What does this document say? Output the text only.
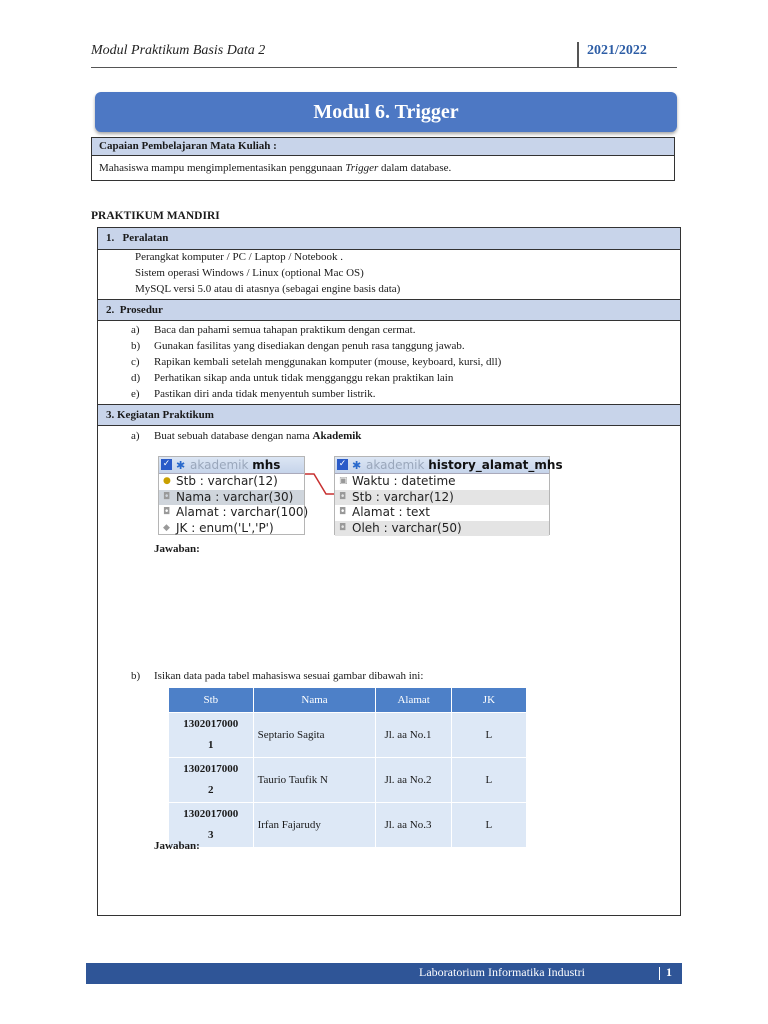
Modul Praktikum Basis Data 2	2021/2022
Modul 6. Trigger
Capaian Pembelajaran Mata Kuliah :
Mahasiswa mampu mengimplementasikan penggunaan Trigger dalam database.
PRAKTIKUM MANDIRI
1. Peralatan
Perangkat komputer / PC / Laptop / Notebook .
Sistem operasi Windows / Linux (optional Mac OS)
MySQL versi 5.0 atau di atasnya (sebagai engine basis data)
2. Prosedur
a) Baca dan pahami semua tahapan praktikum dengan cermat.
b) Gunakan fasilitas yang disediakan dengan penuh rasa tanggung jawab.
c) Rapikan kembali setelah menggunakan komputer (mouse, keyboard, kursi, dll)
d) Perhatikan sikap anda untuk tidak mengganggu rekan praktikan lain
e) Pastikan diri anda tidak menyentuh sumber listrik.
3. Kegiatan Praktikum
a) Buat sebuah database dengan nama Akademik
✓ ✱ akademik mhs
● Stb : varchar(12)
◘ Nama : varchar(30)
◘ Alamat : varchar(100)
◆ JK : enum('L','P')
✓ ✱ akademik history_alamat_mhs
▣ Waktu : datetime
◘ Stb : varchar(12)
◘ Alamat : text
◘ Oleh : varchar(50)
Jawaban:
b) Isikan data pada tabel mahasiswa sesuai gambar dibawah ini:
Stb	Nama	Alamat	JK
1302017000
1	Septario Sagita	Jl. aa No.1	L
1302017000
2	Taurio Taufik N	Jl. aa No.2	L
1302017000
3	Irfan Fajarudy	Jl. aa No.3	L
Jawaban:
Laboratorium Informatika Industri	1
